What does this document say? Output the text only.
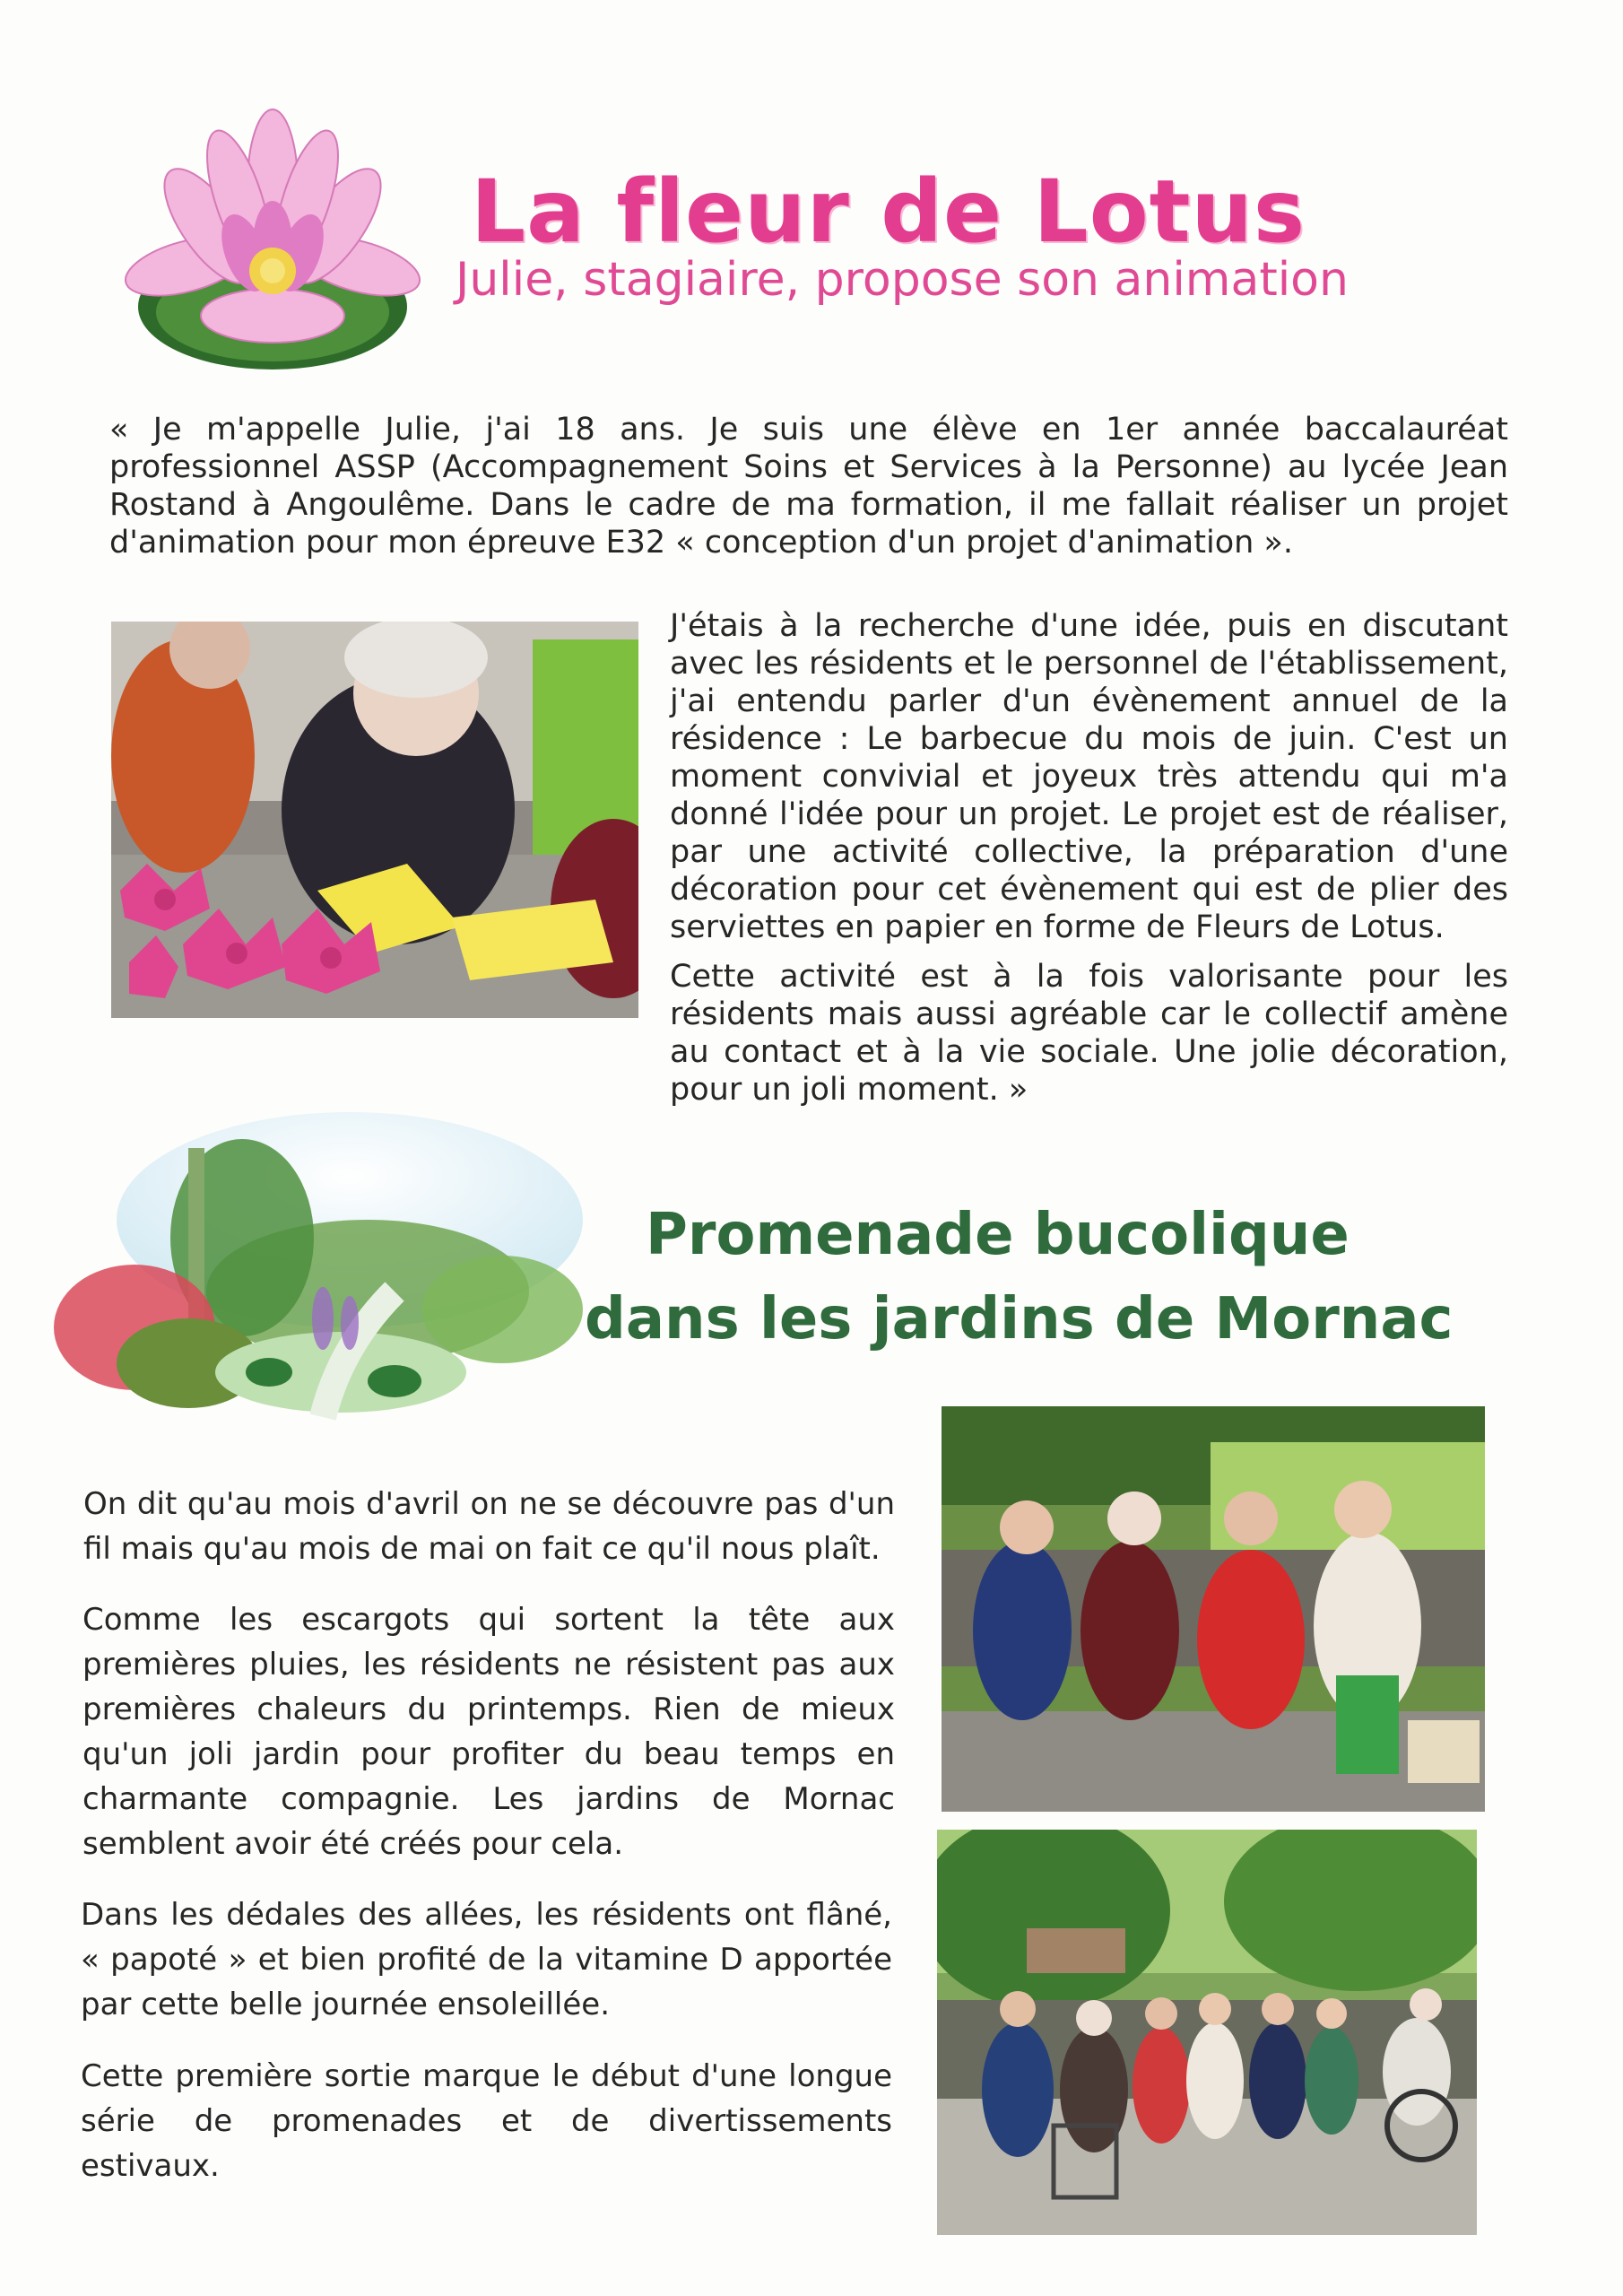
La fleur de Lotus
Julie, stagiaire, propose son animation

« Je m'appelle Julie, j'ai 18 ans. Je suis une élève en 1er année baccalauréat professionnel ASSP (Accompagnement Soins et Services à la Personne) au lycée Jean Rostand à Angoulême. Dans le cadre de ma formation, il me fallait réaliser un projet d'animation pour mon épreuve E32 « conception d'un projet d'animation ».

J'étais à la recherche d'une idée, puis en discutant avec les résidents et le personnel de l'établissement, j'ai entendu parler d'un évènement annuel de la résidence : Le barbecue du mois de juin. C'est un moment convivial et joyeux très attendu qui m'a donné l'idée pour un projet. Le projet est de réaliser, par une activité collective, la préparation d'une décoration pour cet évènement qui est de plier des serviettes en papier en forme de Fleurs de Lotus.

Cette activité est à la fois valorisante pour les résidents mais aussi agréable car le collectif amène au contact et à la vie sociale. Une jolie décoration, pour un joli moment. »

Promenade bucolique
dans les jardins de Mornac

On dit qu'au mois d'avril on ne se découvre pas d'un fil mais qu'au mois de mai on fait ce qu'il nous plaît.

Comme les escargots qui sortent la tête aux premières pluies, les résidents ne résistent pas aux premières chaleurs du printemps. Rien de mieux qu'un joli jardin pour profiter du beau temps en charmante compagnie. Les jardins de Mornac semblent avoir été créés pour cela.

Dans les dédales des allées, les résidents ont flâné, « papoté » et bien profité de la vitamine D apportée par cette belle journée ensoleillée.

Cette première sortie marque le début d'une longue série de promenades et de divertissements estivaux.
